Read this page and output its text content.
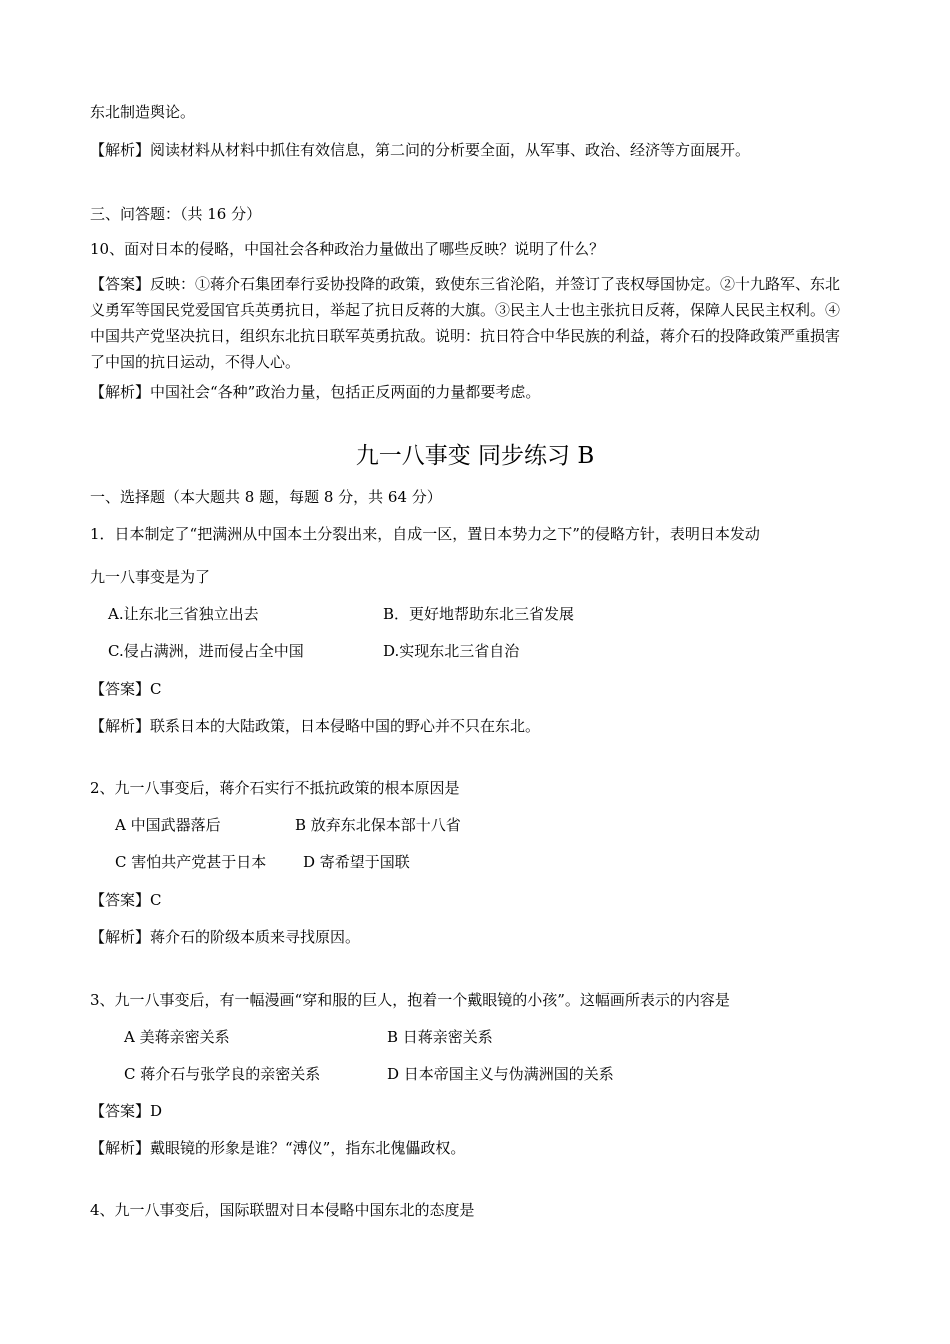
东北制造舆论。
【解析】阅读材料从材料中抓住有效信息，第二问的分析要全面，从军事、政治、经济等方面展开。
三、问答题：（共 16 分）
10、面对日本的侵略，中国社会各种政治力量做出了哪些反映？说明了什么？
【答案】反映：①蒋介石集团奉行妥协投降的政策，致使东三省沦陷，并签订了丧权辱国协定。②十九路军、东北义勇军等国民党爱国官兵英勇抗日，举起了抗日反蒋的大旗。③民主人士也主张抗日反蒋，保障人民民主权利。④中国共产党坚决抗日，组织东北抗日联军英勇抗敌。说明：抗日符合中华民族的利益，蒋介石的投降政策严重损害了中国的抗日运动，不得人心。
【解析】中国社会“各种”政治力量，包括正反两面的力量都要考虑。
九一八事变 同步练习 B
一、选择题（本大题共 8 题，每题 8 分，共 64 分）
1．日本制定了“把满洲从中国本土分裂出来，自成一区，置日本势力之下”的侵略方针，表明日本发动
九一八事变是为了
A.让东北三省独立出去	B．更好地帮助东北三省发展
C.侵占满洲，进而侵占全中国	D.实现东北三省自治
【答案】C
【解析】联系日本的大陆政策，日本侵略中国的野心并不只在东北。
2、九一八事变后，蒋介石实行不抵抗政策的根本原因是
A 中国武器落后	B 放弃东北保本部十八省
C 害怕共产党甚于日本 D 寄希望于国联
【答案】C
【解析】蒋介石的阶级本质来寻找原因。
3、九一八事变后，有一幅漫画“穿和服的巨人，抱着一个戴眼镜的小孩”。这幅画所表示的内容是
A 美蒋亲密关系	B 日蒋亲密关系
C 蒋介石与张学良的亲密关系	D 日本帝国主义与伪满洲国的关系
【答案】D
【解析】戴眼镜的形象是谁？“溥仪”，指东北傀儡政权。
4、九一八事变后，国际联盟对日本侵略中国东北的态度是
